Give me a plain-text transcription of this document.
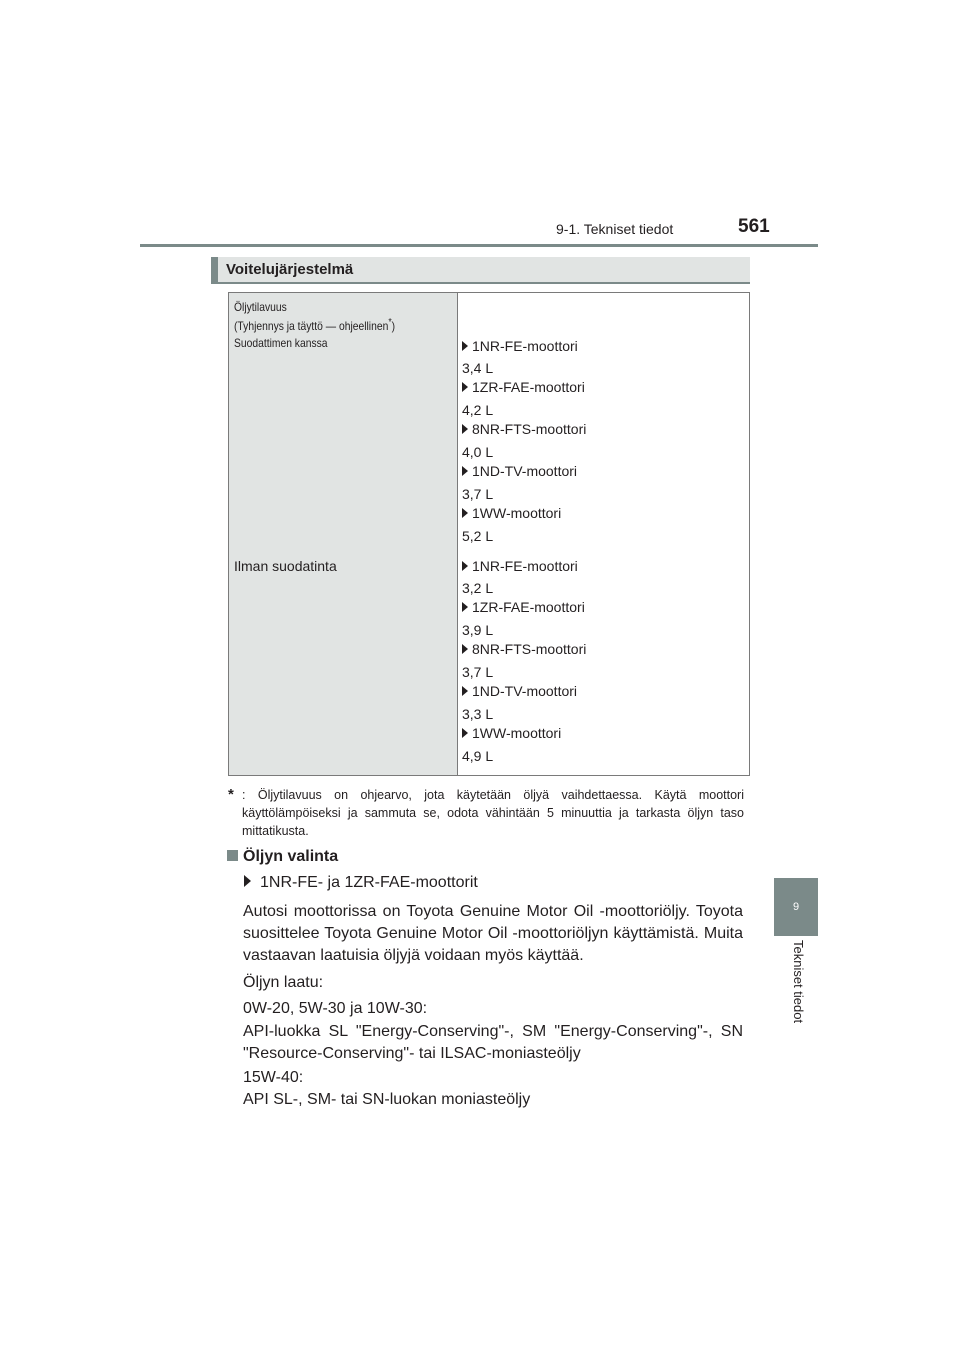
9-1. Tekniset tiedot	561
9
Tekniset tiedot
Voitelujärjestelmä
Öljytilavuus
(Tyhjennys ja täyttö — ohjeellinen*)
Suodattimen kanssa
Ilman suodatinta
1NR-FE-moottori
3,4 L
1ZR-FAE-moottori
4,2 L
8NR-FTS-moottori
4,0 L
1ND-TV-moottori
3,7 L
1WW-moottori
5,2 L
1NR-FE-moottori
3,2 L
1ZR-FAE-moottori
3,9 L
8NR-FTS-moottori
3,7 L
1ND-TV-moottori
3,3 L
1WW-moottori
4,9 L
* : Öljytilavuus on ohjearvo, jota käytetään öljyä vaihdettaessa. Käytä moottori käyttölämpöiseksi ja sammuta se, odota vähintään 5 minuuttia ja tarkasta öljyn taso mittatikusta.
Öljyn valinta
1NR-FE- ja 1ZR-FAE-moottorit
Autosi moottorissa on Toyota Genuine Motor Oil -moottoriöljy. Toyota suosittelee Toyota Genuine Motor Oil -moottoriöljyn käyttämistä. Muita vastaavan laatuisia öljyjä voidaan myös käyttää.
Öljyn laatu:
0W-20, 5W-30 ja 10W-30:
API-luokka SL "Energy-Conserving"-, SM "Energy-Conserving"-, SN "Resource-Conserving"- tai ILSAC-moniasteöljy
15W-40:
API SL-, SM- tai SN-luokan moniasteöljy
